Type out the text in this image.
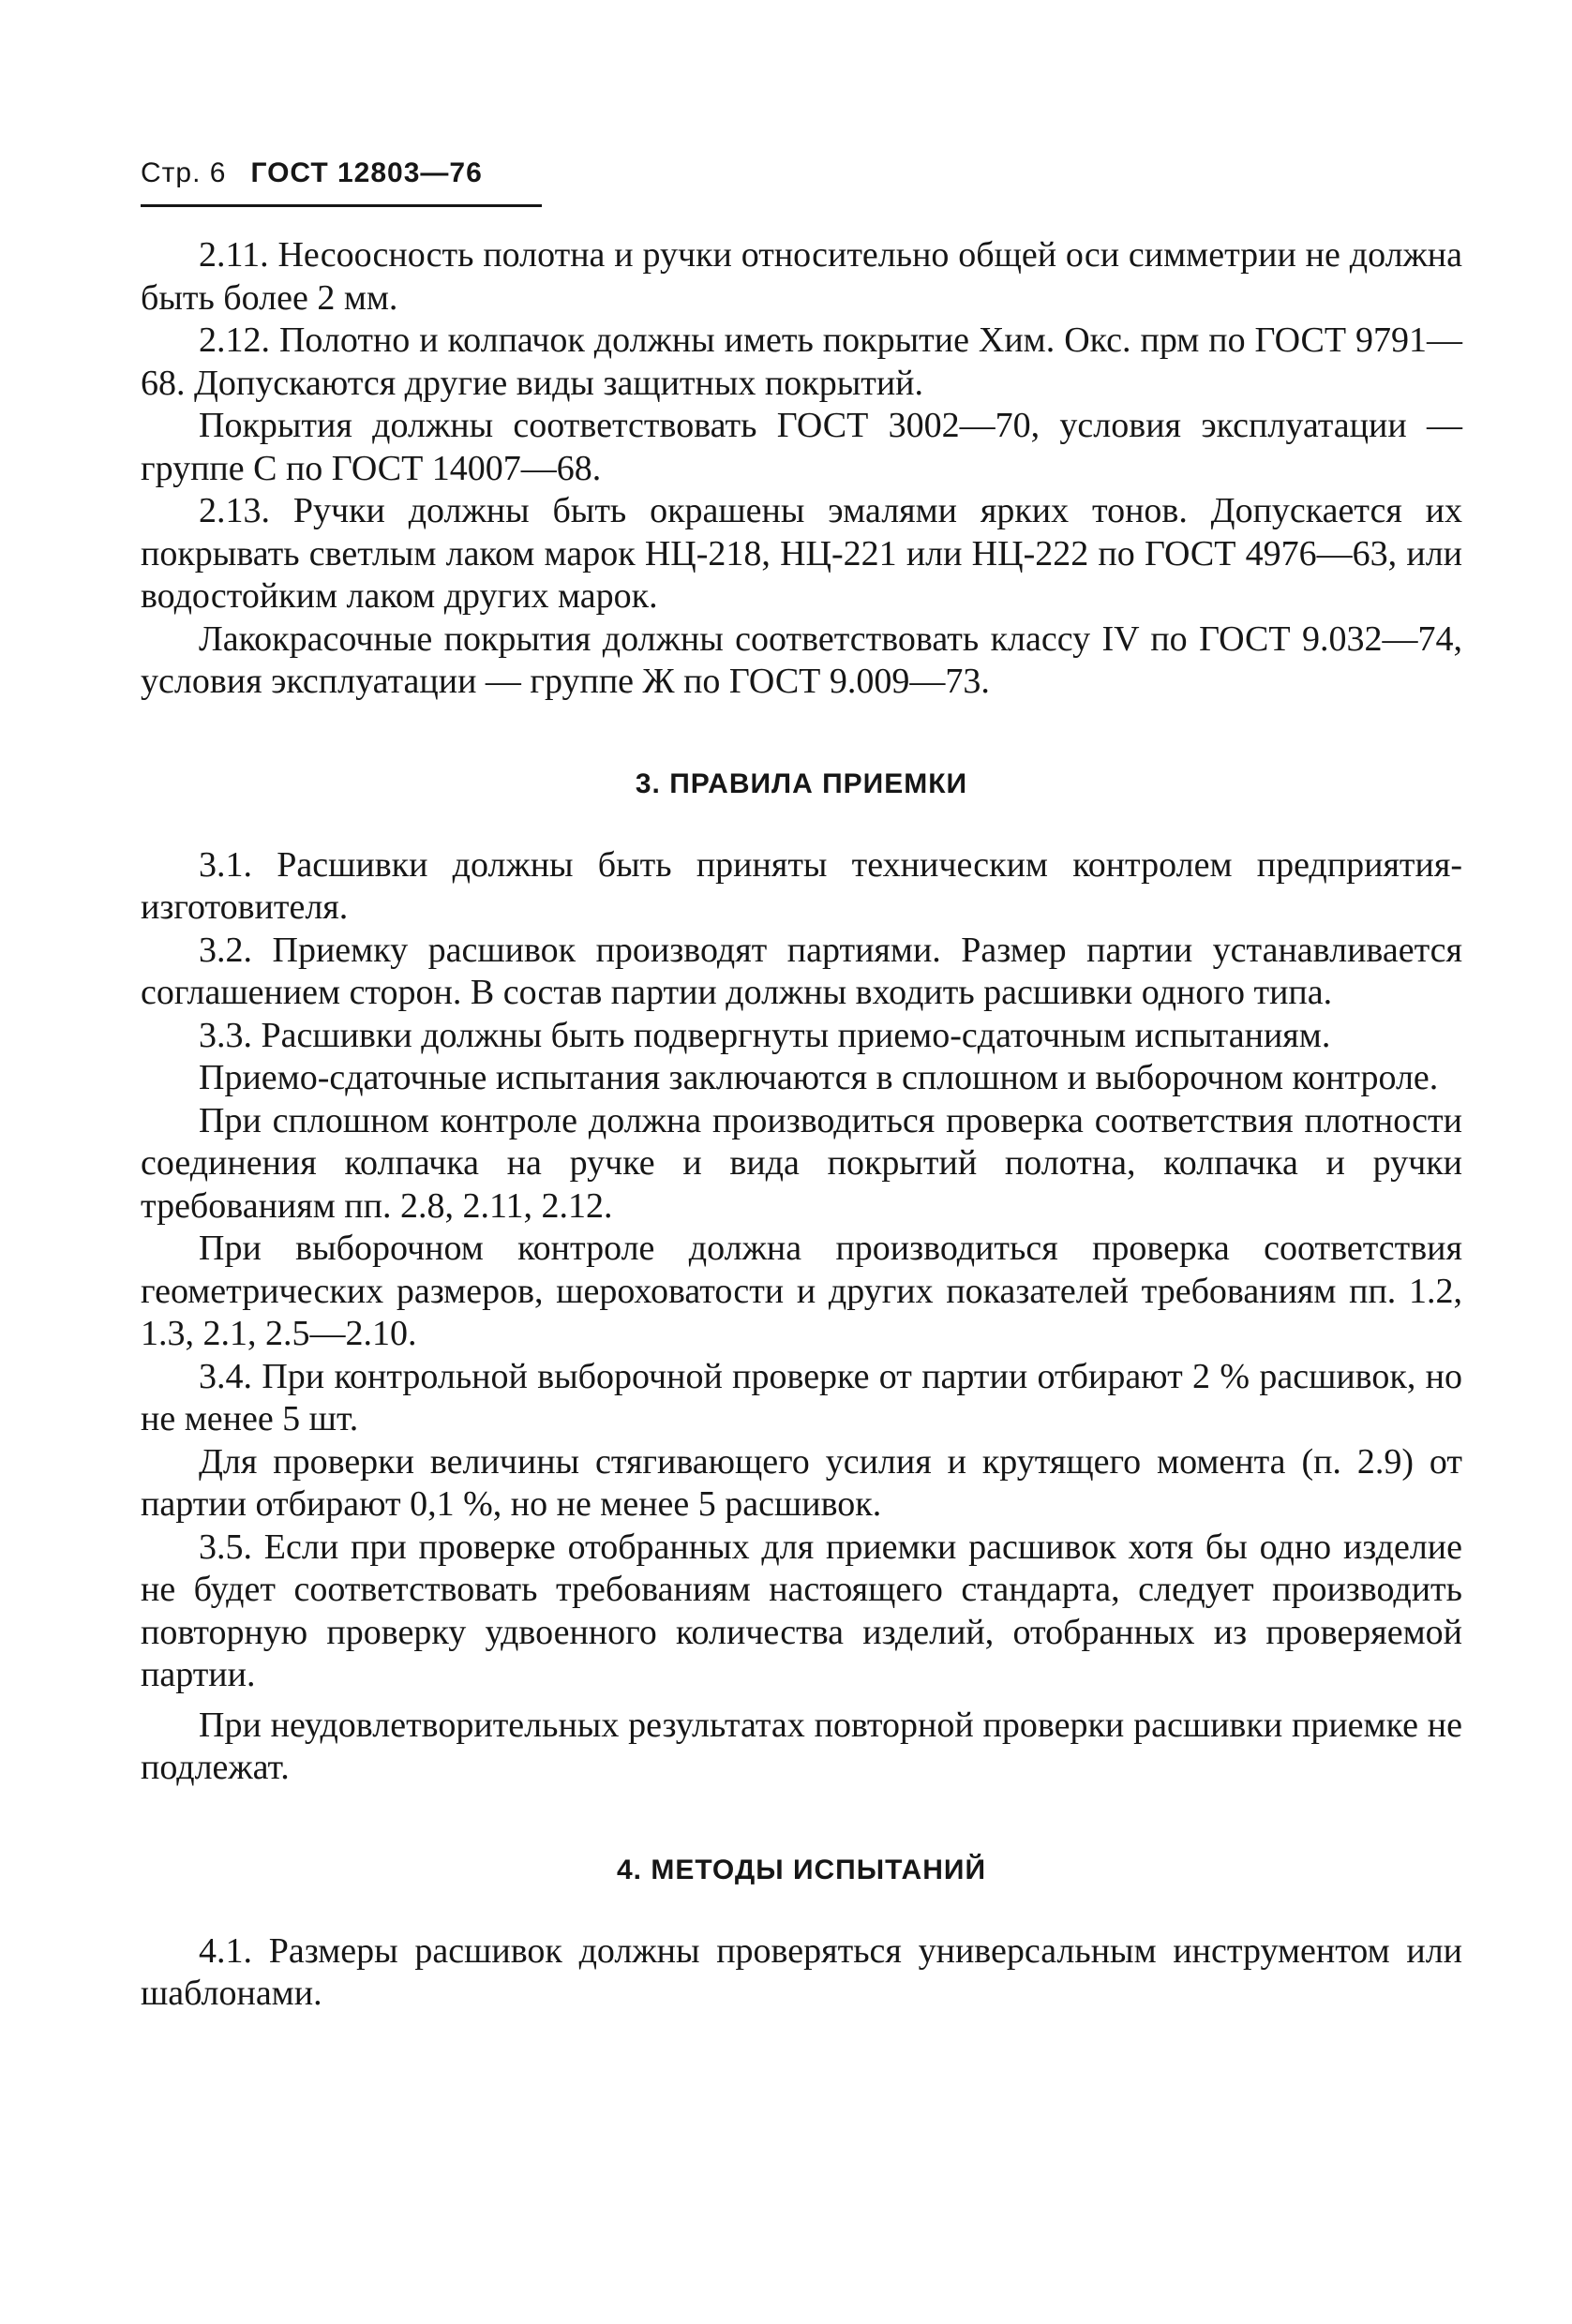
Стр. 6 ГОСТ 12803—76

2.11. Несоосность полотна и ручки относительно общей оси симметрии не должна быть более 2 мм.

2.12. Полотно и колпачок должны иметь покрытие Хим. Окс. прм по ГОСТ 9791—68. Допускаются другие виды защитных покрытий.

Покрытия должны соответствовать ГОСТ 3002—70, условия эксплуатации — группе С по ГОСТ 14007—68.

2.13. Ручки должны быть окрашены эмалями ярких тонов. Допускается их покрывать светлым лаком марок НЦ-218, НЦ-221 или НЦ-222 по ГОСТ 4976—63, или водостойким лаком других марок.

Лакокрасочные покрытия должны соответствовать классу IV по ГОСТ 9.032—74, условия эксплуатации — группе Ж по ГОСТ 9.009—73.

3. ПРАВИЛА ПРИЕМКИ

3.1. Расшивки должны быть приняты техническим контролем предприятия-изготовителя.

3.2. Приемку расшивок производят партиями. Размер партии устанавливается соглашением сторон. В состав партии должны входить расшивки одного типа.

3.3. Расшивки должны быть подвергнуты приемо-сдаточным испытаниям.

Приемо-сдаточные испытания заключаются в сплошном и выборочном контроле.

При сплошном контроле должна производиться проверка соответствия плотности соединения колпачка на ручке и вида покрытий полотна, колпачка и ручки требованиям пп. 2.8, 2.11, 2.12.

При выборочном контроле должна производиться проверка соответствия геометрических размеров, шероховатости и других показателей требованиям пп. 1.2, 1.3, 2.1, 2.5—2.10.

3.4. При контрольной выборочной проверке от партии отбирают 2 % расшивок, но не менее 5 шт.

Для проверки величины стягивающего усилия и крутящего момента (п. 2.9) от партии отбирают 0,1 %, но не менее 5 расшивок.

3.5. Если при проверке отобранных для приемки расшивок хотя бы одно изделие не будет соответствовать требованиям настоящего стандарта, следует производить повторную проверку удвоенного количества изделий, отобранных из проверяемой партии.

При неудовлетворительных результатах повторной проверки расшивки приемке не подлежат.

4. МЕТОДЫ ИСПЫТАНИЙ

4.1. Размеры расшивок должны проверяться универсальным инструментом или шаблонами.
